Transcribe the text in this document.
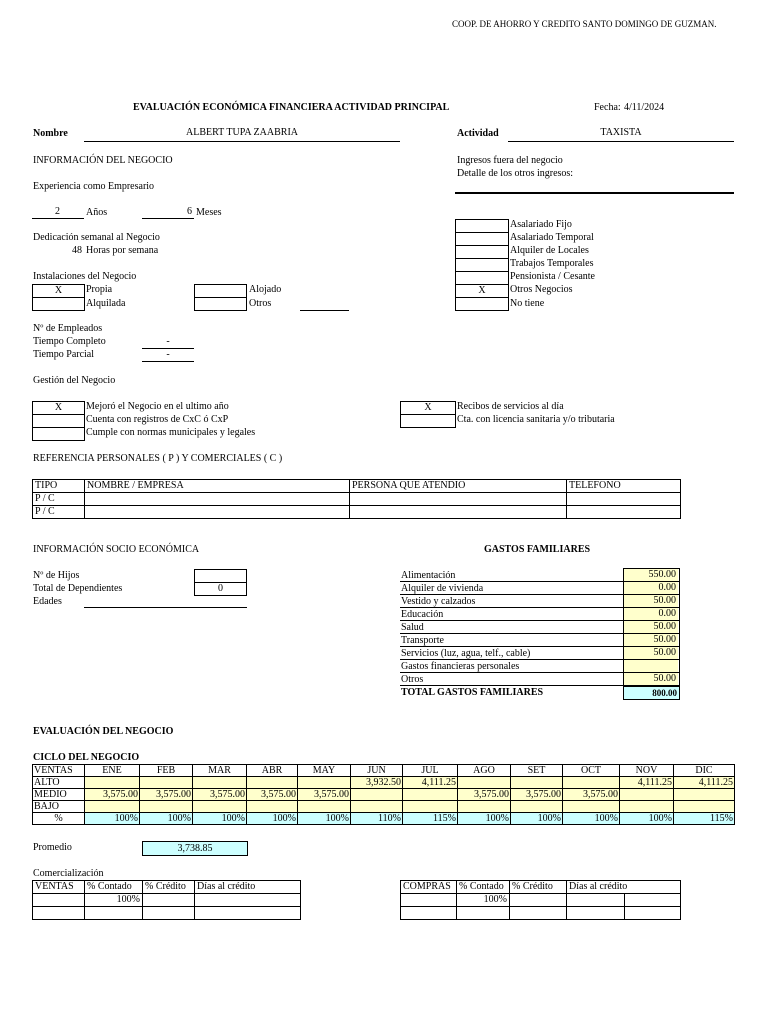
COOP. DE AHORRO Y CREDITO SANTO DOMINGO DE GUZMAN.
EVALUACIÓN ECONÓMICA FINANCIERA ACTIVIDAD PRINCIPAL	Fecha: 4/11/2024
Nombre	ALBERT TUPA ZAABRIA	Actividad	TAXISTA
INFORMACIÓN DEL NEGOCIO
Experiencia como Empresario
2	Años	6 Meses
Dedicación semanal al Negocio
48 Horas por semana
Instalaciones del Negocio
X	Propia
Alquilada
Alojado
Otros
Nº de Empleados
Tiempo Completo	-
Tiempo Parcial	-
Gestión del Negocio
X	Mejoró el Negocio en el ultimo año
Cuenta con registros de CxC ó CxP
Cumple con normas municipales y legales
X	Recibos de servicios al día
Cta. con licencia sanitaria y/o tributaria
Ingresos fuera del negocio
Detalle de los otros ingresos:
Asalariado Fijo
Asalariado Temporal
Alquiler de Locales
Trabajos Temporales
Pensionista / Cesante
X	Otros Negocios
No tiene
REFERENCIA PERSONALES ( P ) Y COMERCIALES ( C )
TIPO	NOMBRE / EMPRESA	PERSONA QUE ATENDIO	TELEFONO
P / C			
P / C			
INFORMACIÓN SOCIO ECONÓMICA
Nº de Hijos
Total de Dependientes	0
Edades
GASTOS FAMILIARES
Alimentación	550.00
Alquiler de vivienda	0.00
Vestido y calzados	50.00
Educación	0.00
Salud	50.00
Transporte	50.00
Servicios (luz, agua, telf., cable)	50.00
Gastos financieras personales
Otros	50.00
TOTAL GASTOS FAMILIARES	800.00
EVALUACIÓN DEL NEGOCIO
CICLO DEL NEGOCIO
VENTAS	ENE	FEB	MAR	ABR	MAY	JUN	JUL	AGO	SET	OCT	NOV	DIC
ALTO						3,932.50	4,111.25				4,111.25	4,111.25
MEDIO	3,575.00	3,575.00	3,575.00	3,575.00	3,575.00			3,575.00	3,575.00	3,575.00		
BAJO												
%	100%	100%	100%	100%	100%	110%	115%	100%	100%	100%	100%	115%
Promedio	3,738.85
Comercialización
VENTAS	% Contado	% Crédito	Días al crédito
	100%		

COMPRAS	% Contado	% Crédito	Días al crédito	
	100%			
